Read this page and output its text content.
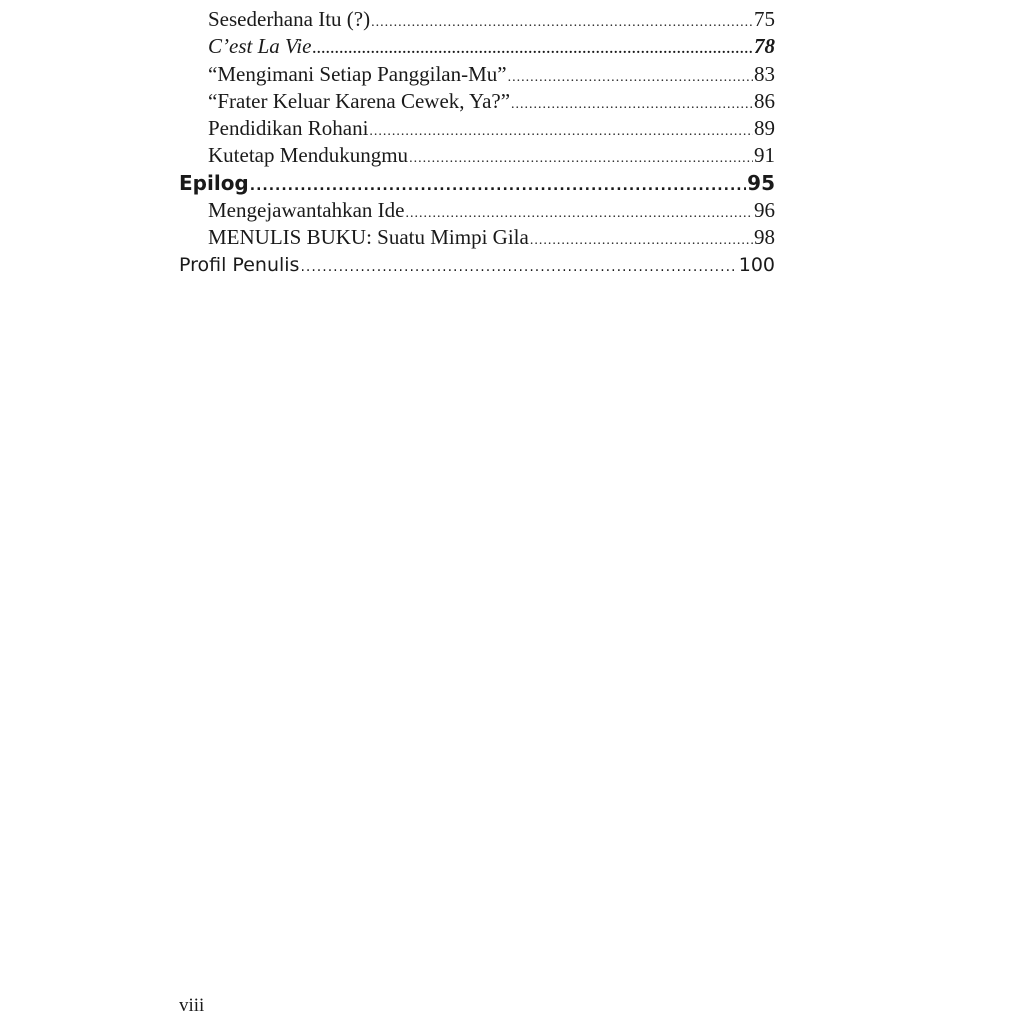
Sesederhana Itu (?) .....	75
C’est La Vie .....	78
“Mengimani Setiap Panggilan-Mu” .....	83
“Frater Keluar Karena Cewek, Ya?” .....	86
Pendidikan Rohani .....	89
Kutetap Mendukungmu .....	91
Epilog .....	95
Mengejawantahkan Ide .....	96
MENULIS BUKU: Suatu Mimpi Gila .....	98
Profil Penulis .....	100
viii
